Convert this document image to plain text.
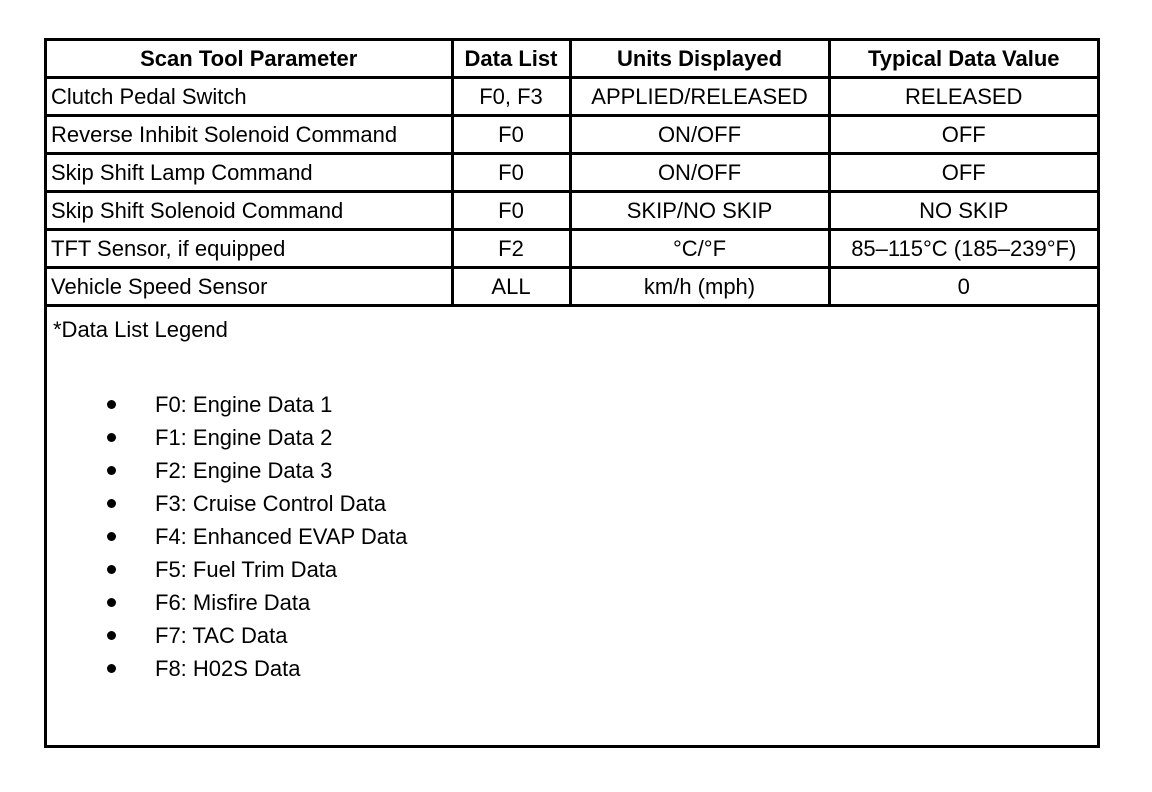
Scan Tool Parameter	Data List	Units Displayed	Typical Data Value
Clutch Pedal Switch	F0, F3	APPLIED/RELEASED	RELEASED
Reverse Inhibit Solenoid Command	F0	ON/OFF	OFF
Skip Shift Lamp Command	F0	ON/OFF	OFF
Skip Shift Solenoid Command	F0	SKIP/NO SKIP	NO SKIP
TFT Sensor, if equipped	F2	°C/°F	85–115°C (185–239°F)
Vehicle Speed Sensor	ALL	km/h (mph)	0
*Data List Legend
F0: Engine Data 1
F1: Engine Data 2
F2: Engine Data 3
F3: Cruise Control Data
F4: Enhanced EVAP Data
F5: Fuel Trim Data
F6: Misfire Data
F7: TAC Data
F8: H02S Data
